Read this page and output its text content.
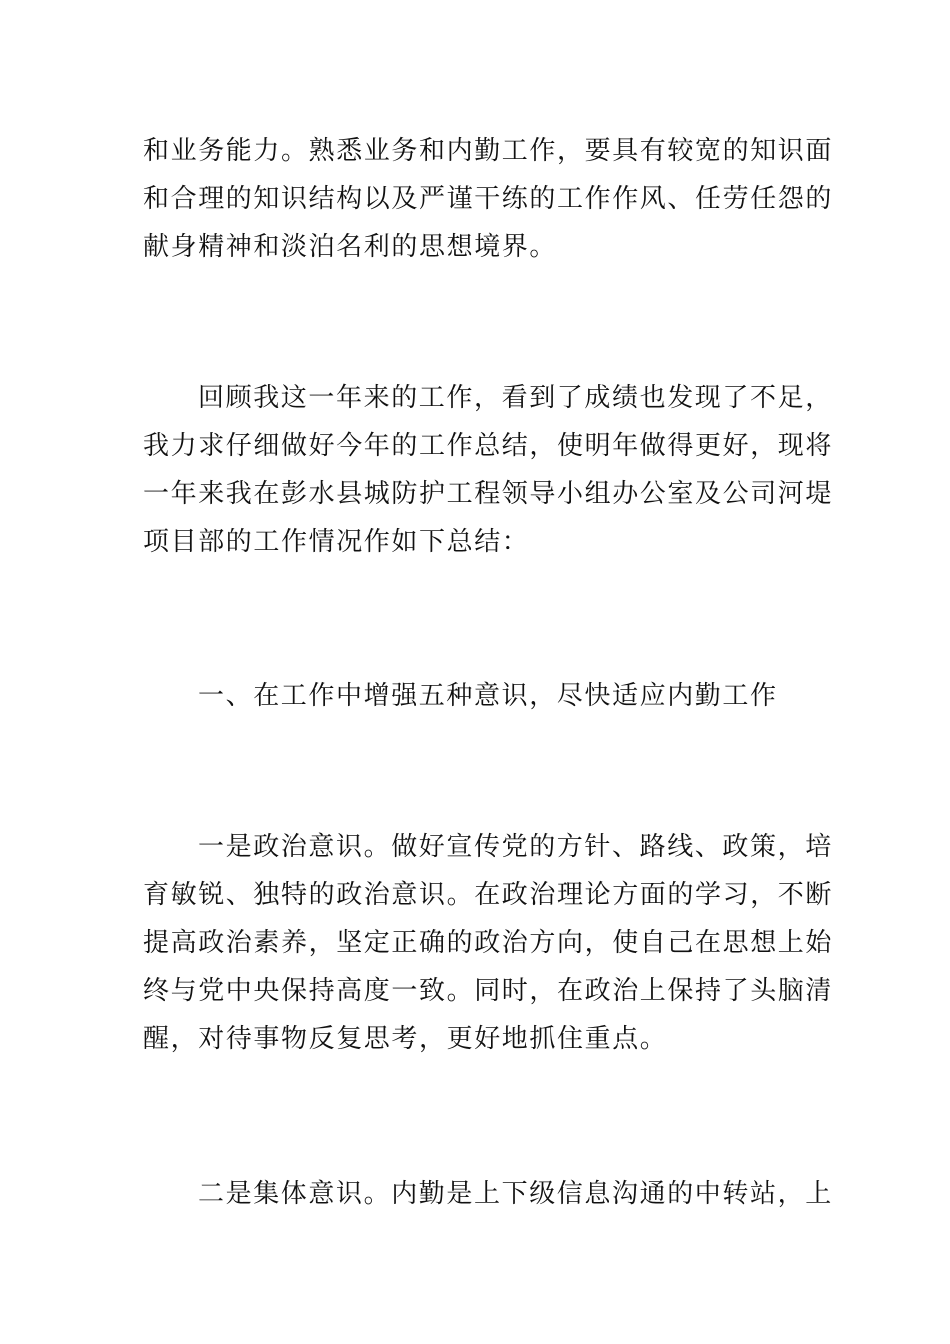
和业务能力。熟悉业务和内勤工作，要具有较宽的知识面
和合理的知识结构以及严谨干练的工作作风、任劳任怨的
献身精神和淡泊名利的思想境界。
回顾我这一年来的工作，看到了成绩也发现了不足，
我力求仔细做好今年的工作总结，使明年做得更好，现将
一年来我在彭水县城防护工程领导小组办公室及公司河堤
项目部的工作情况作如下总结：
一、在工作中增强五种意识，尽快适应内勤工作
一是政治意识。做好宣传党的方针、路线、政策，培
育敏锐、独特的政治意识。在政治理论方面的学习，不断
提高政治素养，坚定正确的政治方向，使自己在思想上始
终与党中央保持高度一致。同时，在政治上保持了头脑清
醒，对待事物反复思考，更好地抓住重点。
二是集体意识。内勤是上下级信息沟通的中转站，上
